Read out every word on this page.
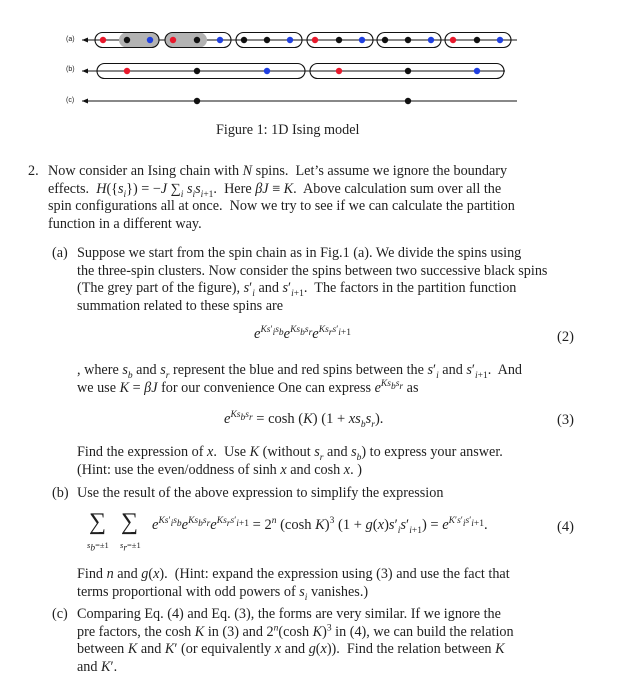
(a)
(b)
(c)
Figure 1: 1D Ising model
2. Now consider an Ising chain with N spins.  Let’s assume we ignore the boundary
effects.  $H(\{s_i\}) = -J$ $\sum_i$ $s_is_{i+1}$.  Here βJ ≡ K.  Above calculation sum over all the
spin configurations all at once.  Now we try to see if we can calculate the partition
function in a different way.
(a) Suppose we start from the spin chain as in Fig.1 (a). We divide the spins using
the three-spin clusters. Now consider the spins between two successive black spins
(The grey part of the figure), $s'_i$ and $s'_{i+1}$.  The factors in the partition function
summation related to these spins are
$e^{Ks'_is_b}e^{Ks_bs_r}e^{Ks_rs'_{i+1}}$	(2)
, where $s_b$ and $s_r$ represent the blue and red spins between the $s'_i$ and $s'_{i+1}$.  And
we use K = βJ for our convenience One can express $e^{Ks_bs_r}$ as
$e^{Ks_bs_r} = \cosh (K) (1 + xs_bs_r)$.	(3)
Find the expression of x.  Use K (without $s_r$ and $s_b$) to express your answer.
(Hint: use the even/oddness of sinh x and cosh x. )
(b) Use the result of the above expression to simplify the expression
∑ ∑
$s_b=\pm 1$ $s_r=\pm 1$
$e^{Ks'_is_b}e^{Ks_bs_r}e^{Ks_rs'_{i+1}} = 2^n$ (cosh K)$^3$ $(1 + g(x)s'_is'_{i+1}) = e^{K's'_is'_{i+1}}$.	(4)
Find n and g(x).  (Hint: expand the expression using (3) and use the fact that
terms proportional with odd powers of $s_i$ vanishes.)
(c) Comparing Eq. (4) and Eq. (3), the forms are very similar. If we ignore the
pre factors, the cosh K in (3) and 2$^n$(cosh K)$^3$ in (4), we can build the relation
between K and K′ (or equivalently x and g(x)).  Find the relation between K
and K′.
